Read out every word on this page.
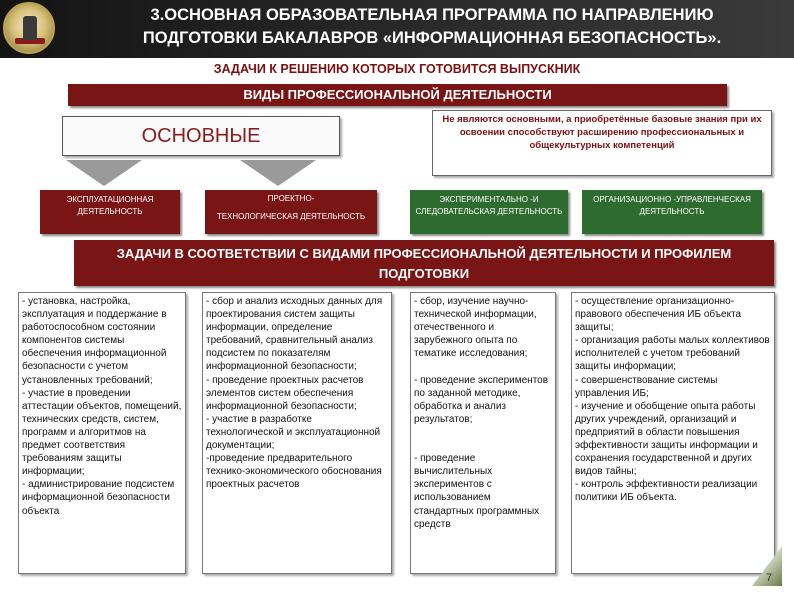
3.ОСНОВНАЯ ОБРАЗОВАТЕЛЬНАЯ ПРОГРАММА ПО НАПРАВЛЕНИЮ
ПОДГОТОВКИ БАКАЛАВРОВ «ИНФОРМАЦИОННАЯ БЕЗОПАСНОСТЬ».
ЗАДАЧИ К РЕШЕНИЮ КОТОРЫХ ГОТОВИТСЯ ВЫПУСКНИК
ВИДЫ ПРОФЕССИОНАЛЬНОЙ ДЕЯТЕЛЬНОСТИ
ОСНОВНЫЕ
Не являются основными, а приобретённые базовые знания при их освоении способствуют расширению профессиональных и общекультурных компетенций
ЭКСПЛУАТАЦИОННАЯ ДЕЯТЕЛЬНОСТЬ
ПРОЕКТНО-

ТЕХНОЛОГИЧЕСКАЯ ДЕЯТЕЛЬНОСТЬ
ЭКСПЕРИМЕНТАЛЬНО -И СЛЕДОВАТЕЛЬСКАЯ ДЕЯТЕЛЬНОСТЬ
ОРГАНИЗАЦИОННО -УПРАВЛЕНЧЕСКАЯ ДЕЯТЕЛЬНОСТЬ
ЗАДАЧИ В СООТВЕТСТВИИ С ВИДАМИ ПРОФЕССИОНАЛЬНОЙ ДЕЯТЕЛЬНОСТИ И ПРОФИЛЕМ ПОДГОТОВКИ
- установка, настройка, эксплуатация и поддержание в работоспособном состоянии компонентов системы обеспечения информационной безопасности с учетом установленных требований;
- участие в проведении аттестации объектов, помещений, технических средств, систем, программ и алгоритмов на предмет соответствия требованиям защиты информации;
- администрирование подсистем информационной безопасности объекта
- сбор и анализ исходных данных для проектирования систем защиты информации, определение требований, сравнительный анализ подсистем по показателям информационной безопасности;
- проведение проектных расчетов элементов систем обеспечения информационной безопасности;
- участие в разработке технологической и эксплуатационной документации;
-проведение предварительного технико-экономического обоснования проектных расчетов
- сбор, изучение научно-технической информации, отечественного и зарубежного опыта по тематике исследования;

- проведение экспериментов по заданной методике, обработка и анализ результатов;

- проведение вычислительных экспериментов с использованием стандартных программных средств
- осуществление организационно-правового обеспечения ИБ объекта защиты;
- организация работы малых коллективов исполнителей с учетом требований защиты информации;
- совершенствование системы управления ИБ;
- изучение и обобщение опыта работы других учреждений, организаций и предприятий в области повышения эффективности защиты информации и сохранения государственной и других видов тайны;
- контроль эффективности реализации политики ИБ объекта.
7
